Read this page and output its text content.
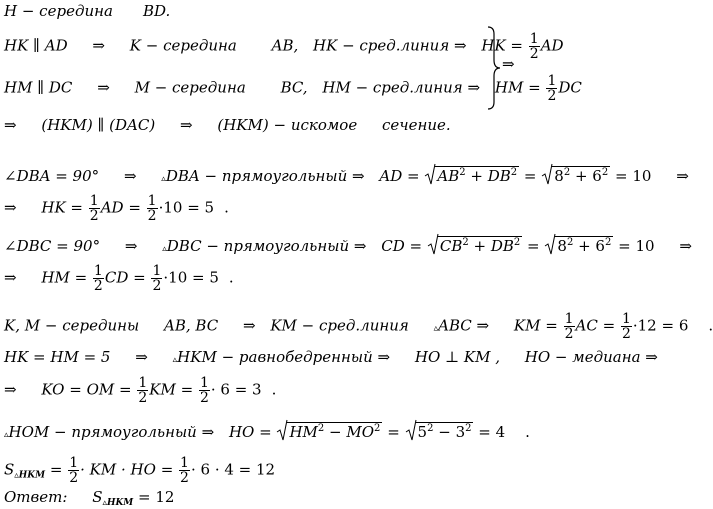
H − середина BD.
HK ∥ AD ⇒ K − середина AB, HK − сред.линия ⇒ HK = $\frac{1}{2}$ AD
HM ∥ DC ⇒ M − середина BC, HM − сред.линия ⇒ HM = $\frac{1}{2}$ DC
⇒
⇒ (HKM) ∥ (DAC) ⇒ (HKM) − искомое сечение.
∠DBA = 90° ⇒	▵DBA − прямоугольный ⇒ AD = $AB^2 + DB^2$ =
$8^2 + 6^2 = 10$ ⇒
⇒ HK = $\frac{1}{2}$ AD = $\frac{1}{2} \cdot 10 = 5$ .
∠DBC = 90° ⇒	▵DBC − прямоугольный ⇒ CD = $CB^2 + DB^2$ =
$8^2 + 6^2 = 10$ ⇒
⇒ HM = $\frac{1}{2}$ CD = $\frac{1}{2} \cdot 10 = 5$ .
K, M − середины AB, BC ⇒ KM − сред.линия	▵ABC ⇒ KM = $\frac{1}{2}$ AC = $\frac{1}{2} \cdot 12 = 6$ .
HK = HM = 5 ⇒	▵HKM − равнобедренный ⇒ HO ⊥ KM , HO − медиана ⇒
⇒ KO = OM = $\frac{1}{2}$ KM = $\frac{1}{2} \cdot 6 = 3$ .
▵HOM − прямоугольный ⇒ HO = $HM^2 - MO^2$ =
$5^2 - 3^2 = 4$ .
$S_{▵HKM} = \frac{1}{2}$ · KM · HO = $\frac{1}{2} \cdot 6 \cdot 4 = 12$
Ответ: $S_{▵HKM} = 12$
